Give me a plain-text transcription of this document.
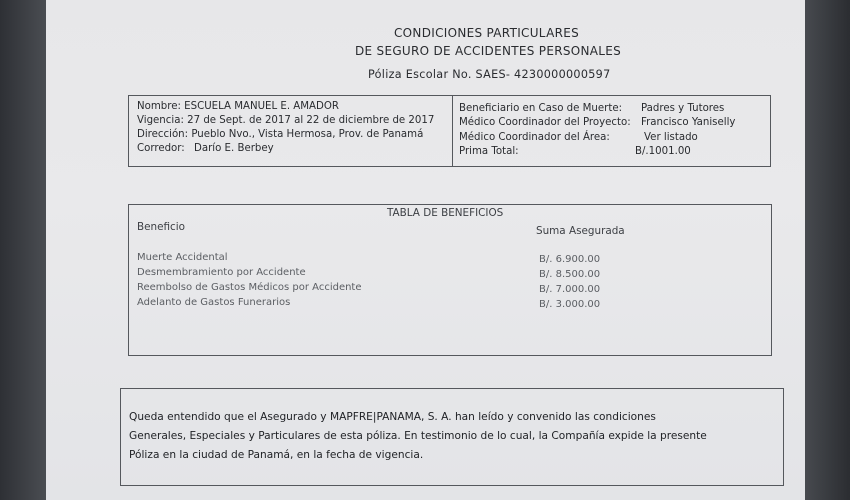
CONDICIONES PARTICULARES
DE SEGURO DE ACCIDENTES PERSONALES
Póliza Escolar No. SAES- 4230000000597
Nombre: ESCUELA MANUEL E. AMADOR
Vigencia: 27 de Sept. de 2017 al 22 de diciembre de 2017
Dirección: Pueblo Nvo., Vista Hermosa, Prov. de Panamá
Corredor: Darío E. Berbey
Beneficiario en Caso de Muerte: Padres y Tutores
Médico Coordinador del Proyecto: Francisco Yaniselly
Médico Coordinador del Área:	Ver listado
Prima Total:	B/.1001.00
TABLA DE BENEFICIOS
Beneficio	Suma Asegurada
Muerte Accidental	B/. 6.900.00
Desmembramiento por Accidente	B/. 8.500.00
Reembolso de Gastos Médicos por Accidente	B/. 7.000.00
Adelanto de Gastos Funerarios	B/. 3.000.00
Queda entendido que el Asegurado y MAPFRE|PANAMA, S. A. han leído y convenido las condiciones
Generales, Especiales y Particulares de esta póliza. En testimonio de lo cual, la Compañía expide la presente
Póliza en la ciudad de Panamá, en la fecha de vigencia.
